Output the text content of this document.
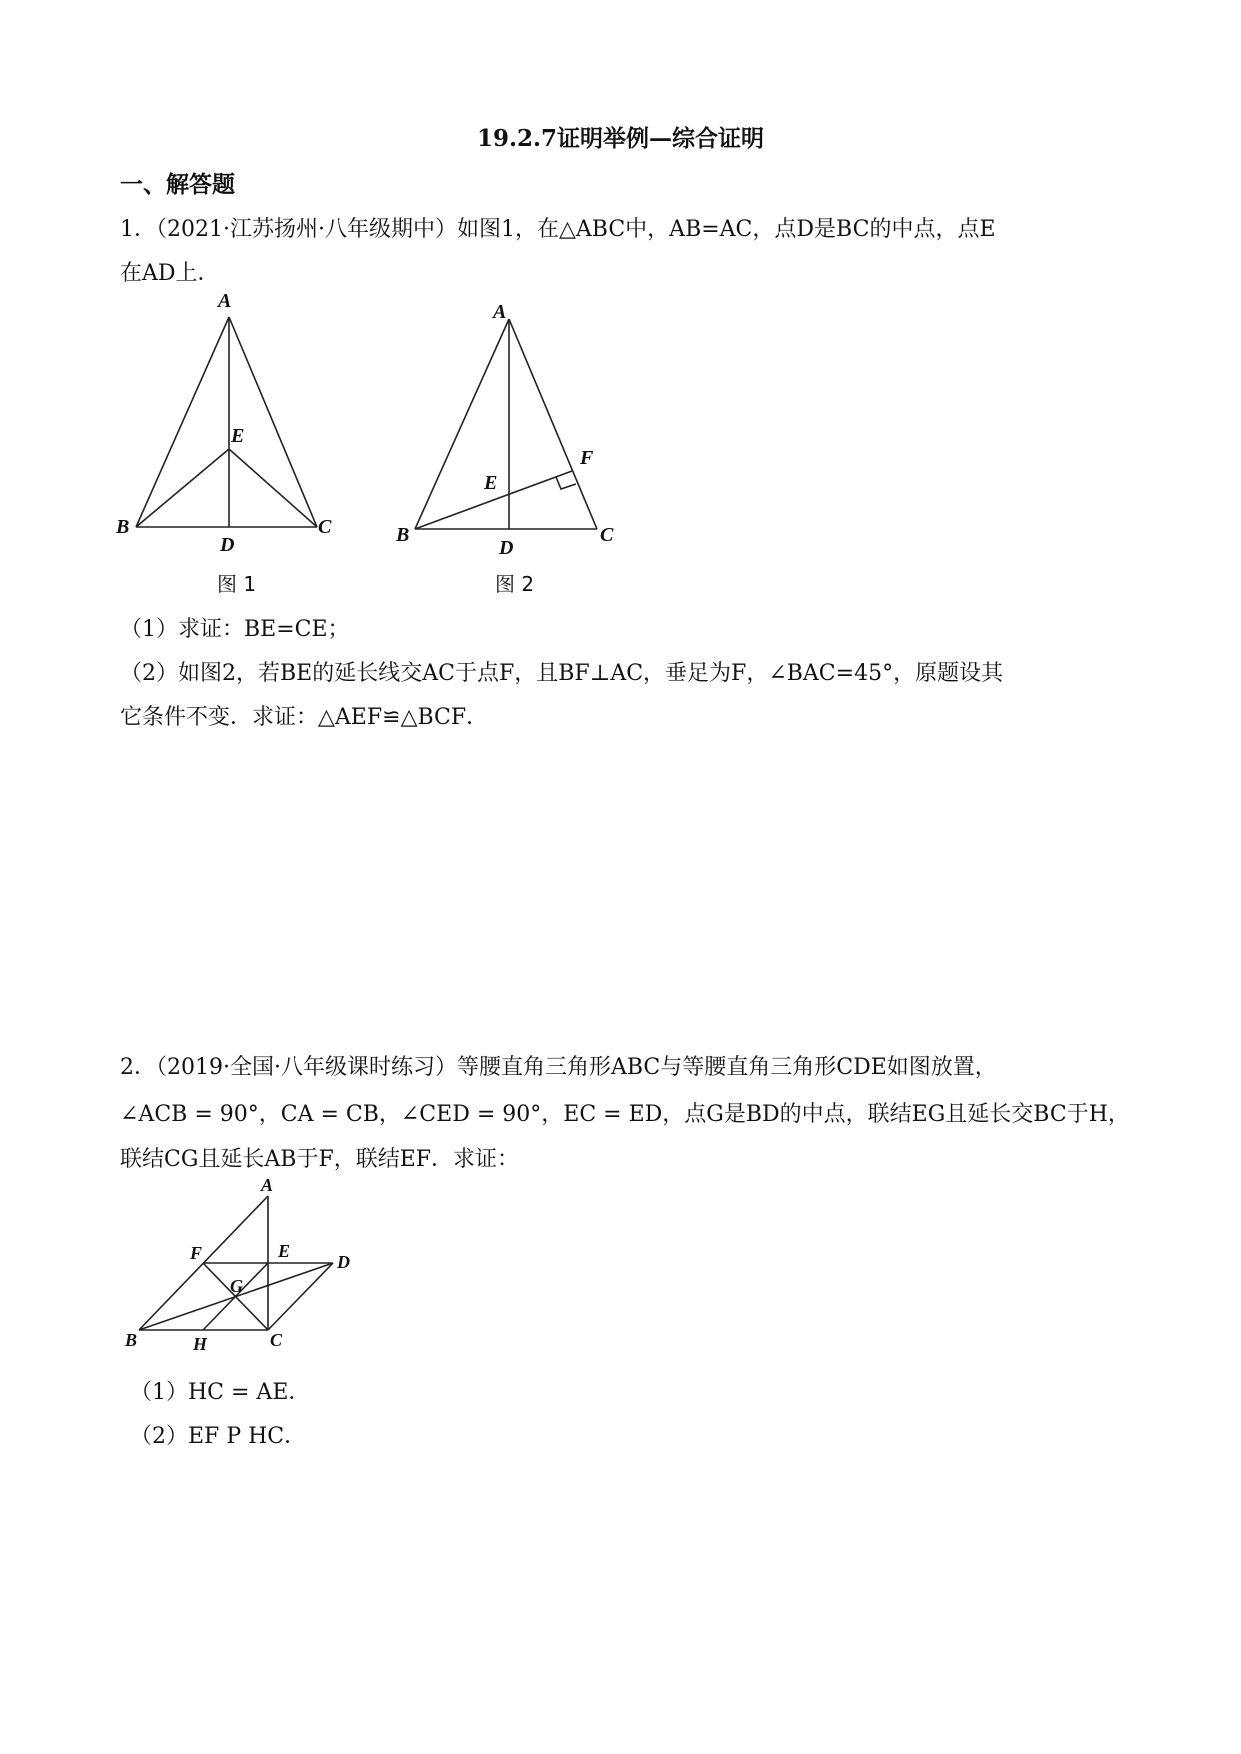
19.2.7证明举例—综合证明
一、解答题
1．（2021·江苏扬州·八年级期中）如图1，在△ABC中，AB=AC，点D是BC的中点，点E
在AD上．
A
B	C
D
E
A
B	C
D
E
F
A
B	C
D
E
F
G
H
图 1	图 2
（1）求证：BE=CE；
（2）如图2，若BE的延长线交AC于点F，且BF⊥AC，垂足为F，∠BAC=45°，原题设其
它条件不变．求证：△AEF≌△BCF．
2．（2019·全国·八年级课时练习）等腰直角三角形ABC与等腰直角三角形CDE如图放置，
∠ACB = 90°，CA = CB，∠CED = 90°，EC = ED，点G是BD的中点，联结EG且延长交BC于H，
联结CG且延长AB于F，联结EF．求证：
（1）HC = AE．
（2）EF P HC．
